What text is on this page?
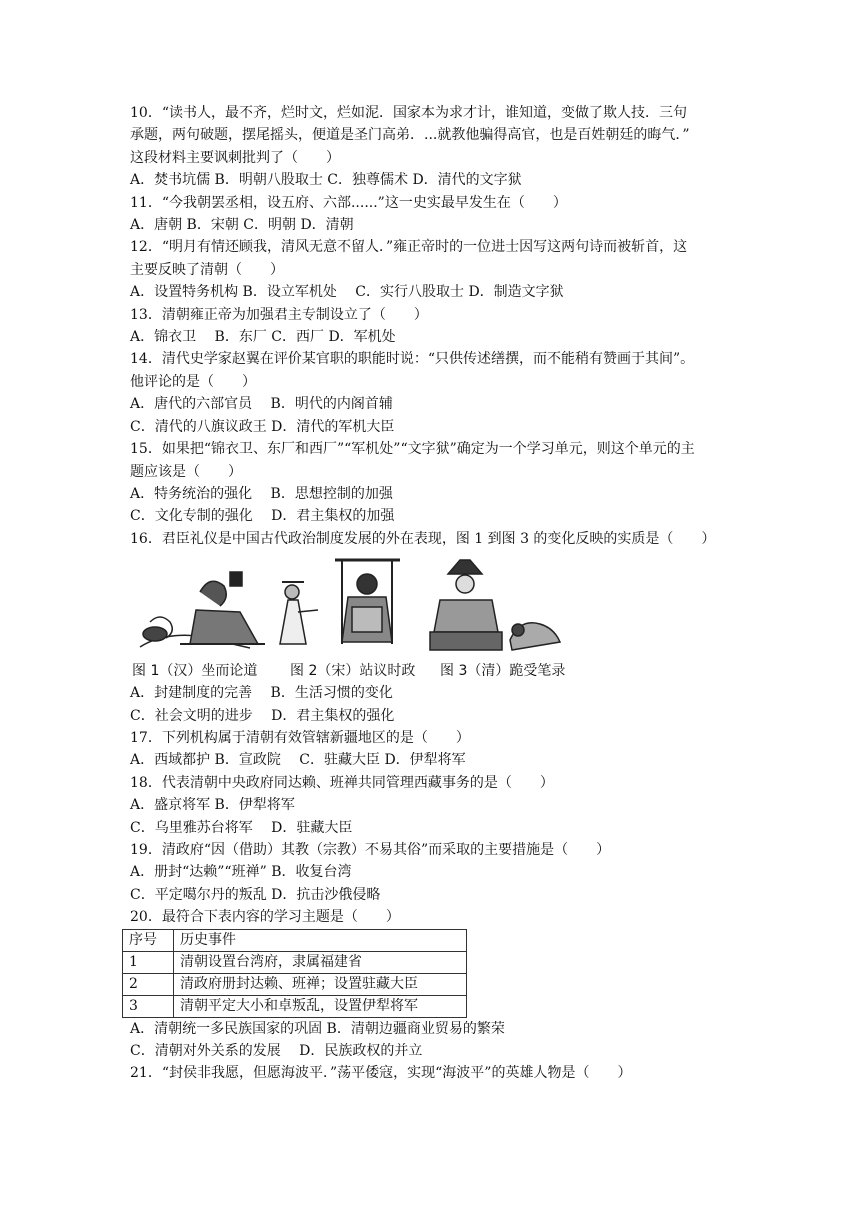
10．“读书人，最不齐，烂时文，烂如泥．国家本为求才计，谁知道，变做了欺人技．三句
承题，两句破题，摆尾摇头，便道是圣门高弟．...就教他骗得高官，也是百姓朝廷的晦气．”
这段材料主要讽刺批判了（　　）
A．焚书坑儒 B．明朝八股取士 C．独尊儒术 D．清代的文字狱
11．“今我朝罢丞相，设五府、六部......”这一史实最早发生在（　　）
A．唐朝 B．宋朝 C．明朝 D．清朝
12．“明月有情还顾我，清风无意不留人．”雍正帝时的一位进士因写这两句诗而被斩首，这
主要反映了清朝（　　）
A．设置特务机构 B．设立军机处　 C．实行八股取士 D．制造文字狱
13．清朝雍正帝为加强君主专制设立了（　　）
A．锦衣卫　 B．东厂 C．西厂 D．军机处
14．清代史学家赵翼在评价某官职的职能时说：“只供传述缮撰，而不能稍有赞画于其间”。
他评论的是（　　）
A．唐代的六部官员　 B．明代的内阁首辅
C．清代的八旗议政王 D．清代的军机大臣
15．如果把“锦衣卫、东厂和西厂”“军机处”“文字狱”确定为一个学习单元，则这个单元的主
题应该是（　　）
A．特务统治的强化　 B．思想控制的加强
C．文化专制的强化　 D．君主集权的加强
16．君臣礼仪是中国古代政治制度发展的外在表现，图 1 到图 3 的变化反映的实质是（　　）
图 1（汉）坐而论道 图 2（宋）站议时政 图 3（清）跪受笔录
A．封建制度的完善　 B．生活习惯的变化
C．社会文明的进步　 D．君主集权的强化
17．下列机构属于清朝有效管辖新疆地区的是（　　）
A．西域都护 B．宣政院　 C．驻藏大臣 D．伊犁将军
18．代表清朝中央政府同达赖、班禅共同管理西藏事务的是（　　）
A．盛京将军 B．伊犁将军
C．乌里雅苏台将军　 D．驻藏大臣
19．清政府“因（借助）其教（宗教）不易其俗”而采取的主要措施是（　　）
A．册封“达赖”“班禅” B．收复台湾
C．平定噶尔丹的叛乱 D．抗击沙俄侵略
20．最符合下表内容的学习主题是（　　）
序号	历史事件
1	清朝设置台湾府，隶属福建省
2	清政府册封达赖、班禅；设置驻藏大臣
3	清朝平定大小和卓叛乱，设置伊犁将军
A．清朝统一多民族国家的巩固 B．清朝边疆商业贸易的繁荣
C．清朝对外关系的发展　 D．民族政权的并立
21．“封侯非我愿，但愿海波平．”荡平倭寇，实现“海波平”的英雄人物是（　　）
